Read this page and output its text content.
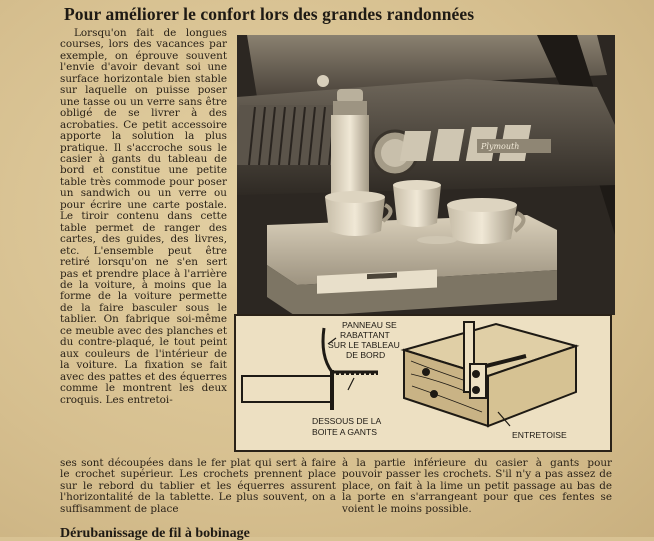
Pour améliorer le confort lors des grandes randonnées

Lorsqu'on fait de longues courses, lors des vacances par exemple, on éprouve souvent l'envie d'avoir devant soi une surface horizontale bien stable sur laquelle on puisse poser une tasse ou un verre sans être obligé de se livrer à des acrobaties. Ce petit accessoire apporte la solution la plus pratique. Il s'accroche sous le casier à gants du tableau de bord et constitue une petite table très commode pour poser un sandwich ou un verre ou pour écrire une carte postale. Le tiroir contenu dans cette table permet de ranger des cartes, des guides, des livres, etc. L'ensemble peut être retiré lorsqu'on ne s'en sert pas et prendre place à l'arrière de la voiture, à moins que la forme de la voiture permette de la faire basculer sous le tablier. On fabrique soi-même ce meuble avec des planches et du contre-plaqué, le tout peint aux couleurs de l'intérieur de la voiture. La fixation se fait avec des pattes et des équerres comme le montrent les deux croquis. Les entretoi-

Plymouth
PANNEAU SE
RABATTANT
SUR LE TABLEAU
DE BORD
DESSOUS DE LA
BOITE A GANTS	ENTRETOISE

ses sont découpées dans le fer plat qui sert à faire le crochet supérieur. Les crochets prennent place sur le rebord du tablier et les équerres assurent l'horizontalité de la tablette. Le plus souvent, on a suffisamment de place

à la partie inférieure du casier à gants pour pouvoir passer les crochets. S'il n'y a pas assez de place, on fait à la lime un petit passage au bas de la porte en s'arrangeant pour que ces fentes se voient le moins possible.

Dérubanissage de fil à bobinage
